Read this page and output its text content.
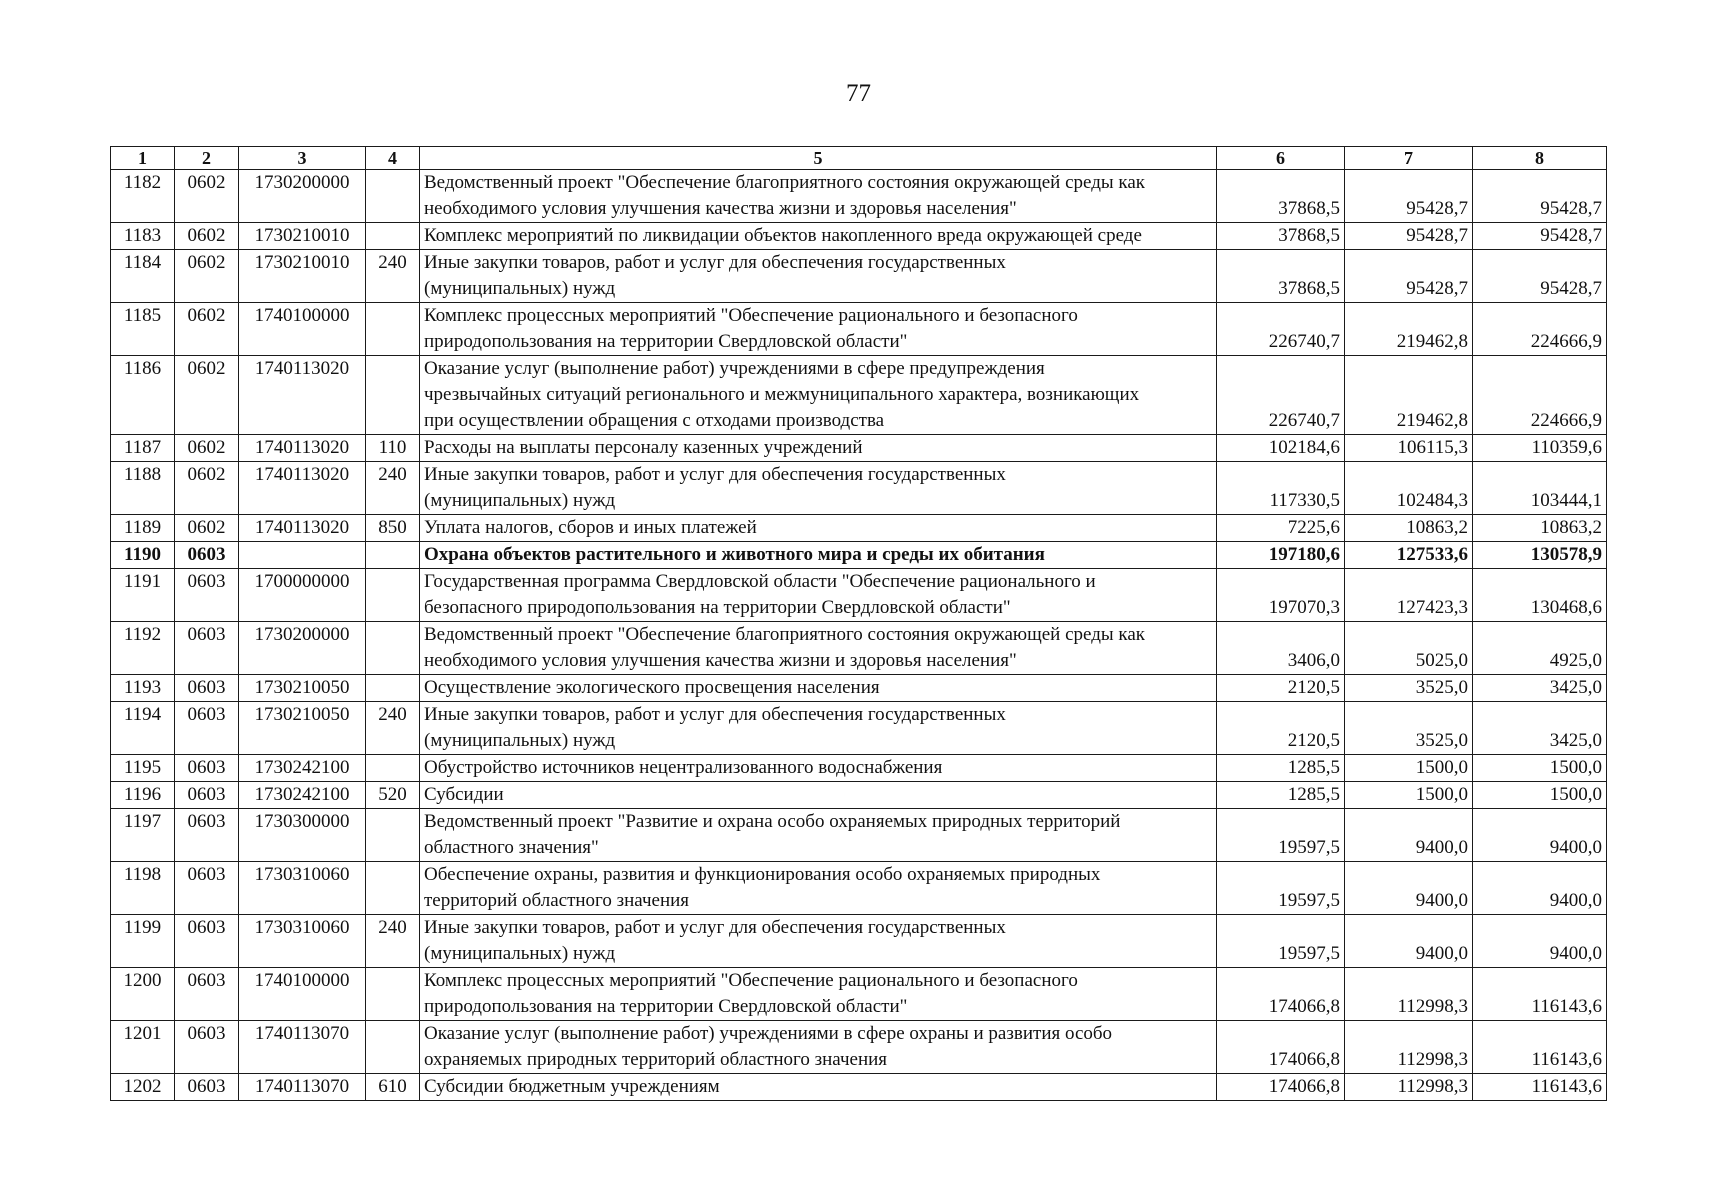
77
1	2	3	4	5	6	7	8
1182	0602	1730200000		Ведомственный проект "Обеспечение благоприятного состояния окружающей среды как
необходимого условия улучшения качества жизни и здоровья населения"	37868,5	95428,7	95428,7
1183	0602	1730210010		Комплекс мероприятий по ликвидации объектов накопленного вреда окружающей среде	37868,5	95428,7	95428,7
1184	0602	1730210010	240	Иные закупки товаров, работ и услуг для обеспечения государственных
(муниципальных) нужд	37868,5	95428,7	95428,7
1185	0602	1740100000		Комплекс процессных мероприятий "Обеспечение рационального и безопасного
природопользования на территории Свердловской области"	226740,7	219462,8	224666,9
1186	0602	1740113020		Оказание услуг (выполнение работ) учреждениями в сфере предупреждения
чрезвычайных ситуаций регионального и межмуниципального характера, возникающих
при осуществлении обращения с отходами производства	226740,7	219462,8	224666,9
1187	0602	1740113020	110	Расходы на выплаты персоналу казенных учреждений	102184,6	106115,3	110359,6
1188	0602	1740113020	240	Иные закупки товаров, работ и услуг для обеспечения государственных
(муниципальных) нужд	117330,5	102484,3	103444,1
1189	0602	1740113020	850	Уплата налогов, сборов и иных платежей	7225,6	10863,2	10863,2
1190	0603			Охрана объектов растительного и животного мира и среды их обитания	197180,6	127533,6	130578,9
1191	0603	1700000000		Государственная программа Свердловской области "Обеспечение рационального и
безопасного природопользования на территории Свердловской области"	197070,3	127423,3	130468,6
1192	0603	1730200000		Ведомственный проект "Обеспечение благоприятного состояния окружающей среды как
необходимого условия улучшения качества жизни и здоровья населения"	3406,0	5025,0	4925,0
1193	0603	1730210050		Осуществление экологического просвещения населения	2120,5	3525,0	3425,0
1194	0603	1730210050	240	Иные закупки товаров, работ и услуг для обеспечения государственных
(муниципальных) нужд	2120,5	3525,0	3425,0
1195	0603	1730242100		Обустройство источников нецентрализованного водоснабжения	1285,5	1500,0	1500,0
1196	0603	1730242100	520	Субсидии	1285,5	1500,0	1500,0
1197	0603	1730300000		Ведомственный проект "Развитие и охрана особо охраняемых природных территорий
областного значения"	19597,5	9400,0	9400,0
1198	0603	1730310060		Обеспечение охраны, развития и функционирования особо охраняемых природных
территорий областного значения	19597,5	9400,0	9400,0
1199	0603	1730310060	240	Иные закупки товаров, работ и услуг для обеспечения государственных
(муниципальных) нужд	19597,5	9400,0	9400,0
1200	0603	1740100000		Комплекс процессных мероприятий "Обеспечение рационального и безопасного
природопользования на территории Свердловской области"	174066,8	112998,3	116143,6
1201	0603	1740113070		Оказание услуг (выполнение работ) учреждениями в сфере охраны и развития особо
охраняемых природных территорий областного значения	174066,8	112998,3	116143,6
1202	0603	1740113070	610	Субсидии бюджетным учреждениям	174066,8	112998,3	116143,6
